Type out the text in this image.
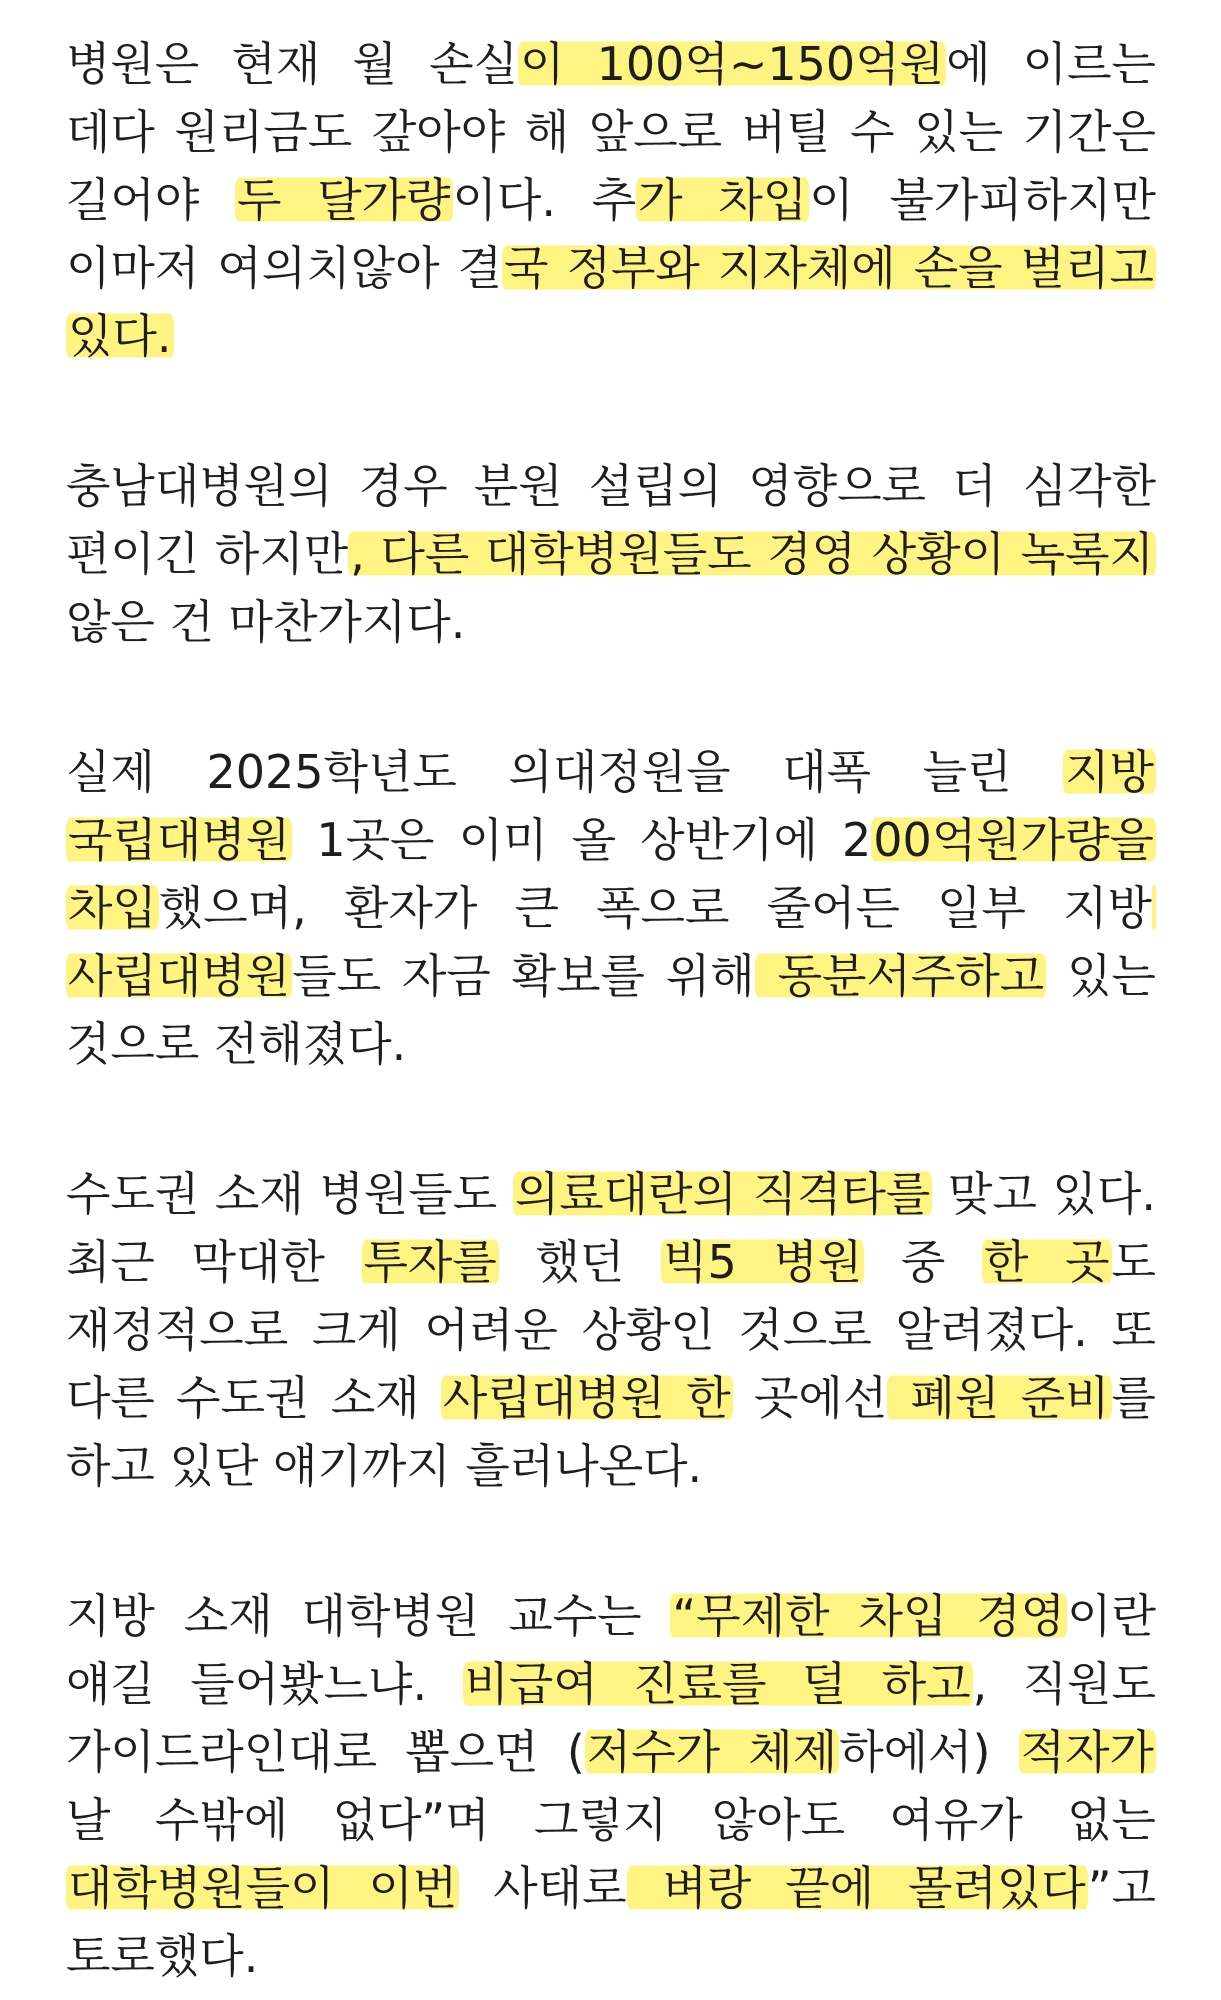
병원은 현재 월 손실이 100억~150억원에 이르는 데다 원리금도 갚아야 해 앞으로 버틸 수 있는 기간은 길어야 두 달가량이다. 추가 차입이 불가피하지만 이마저 여의치않아 결국 정부와 지자체에 손을 벌리고 있다.

충남대병원의 경우 분원 설립의 영향으로 더 심각한 편이긴 하지만, 다른 대학병원들도 경영 상황이 녹록지 않은 건 마찬가지다.

실제 2025학년도 의대정원을 대폭 늘린 지방 국립대병원 1곳은 이미 올 상반기에 200억원가량을 차입했으며, 환자가 큰 폭으로 줄어든 일부 지방 사립대병원들도 자금 확보를 위해 동분서주하고 있는 것으로 전해졌다.

수도권 소재 병원들도 의료대란의 직격타를 맞고 있다. 최근 막대한 투자를 했던 빅5 병원 중 한 곳도 재정적으로 크게 어려운 상황인 것으로 알려졌다. 또 다른 수도권 소재 사립대병원 한 곳에선 폐원 준비를 하고 있단 얘기까지 흘러나온다.

지방 소재 대학병원 교수는 “무제한 차입 경영이란 얘길 들어봤느냐. 비급여 진료를 덜 하고, 직원도 가이드라인대로 뽑으면 (저수가 체제하에서) 적자가 날 수밖에 없다”며 그렇지 않아도 여유가 없는 대학병원들이 이번 사태로 벼랑 끝에 몰려있다”고 토로했다.
